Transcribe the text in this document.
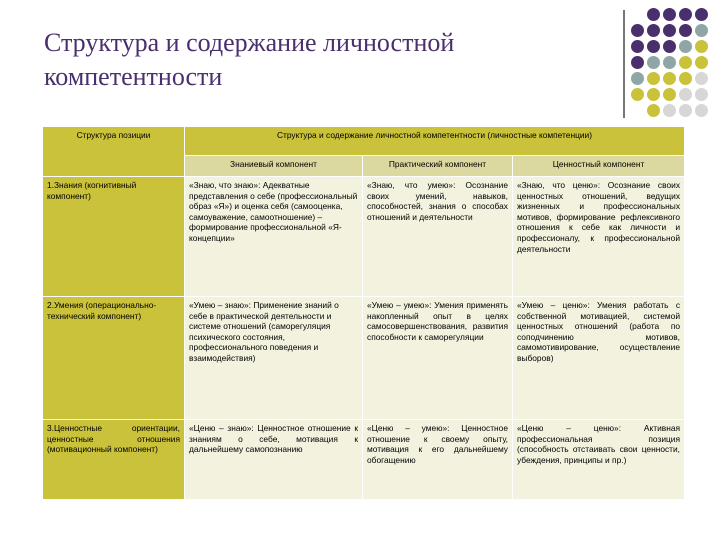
Структура и содержание личностной компетентности
Структура позиции	Структура и содержание личностной компетентности (личностные компетенции)		
	Знаниевый компонент	Практический компонент	Ценностный компонент
1.Знания (когнитивный компонент)	«Знаю, что знаю»: Адекватные представления о себе (профессиональный образ «Я») и оценка себя (самооценка, самоуважение, самоотношение) – формирование профессиональной «Я-концепции»	«Знаю, что умею»: Осознание своих умений, навыков, способностей, знания о способах отношений и деятельности	«Знаю, что ценю»: Осознание своих ценностных отношений, ведущих жизненных и профессиональных мотивов, формирование рефлексивного отношения к себе как личности и профессионалу, к профессиональной деятельности
2.Умения (операционально-технический компонент)	«Умею – знаю»: Применение знаний о себе в практической деятельности и системе отношений (саморегуляция психического состояния, профессионального поведения и взаимодействия)	«Умею – умею»: Умения применять накопленный опыт в целях самосовершенствования, развития способности к саморегуляции	«Умею – ценю»: Умения работать с собственной мотивацией, системой ценностных отношений (работа по соподчинению мотивов, самомотивирование, осуществление выборов)
3.Ценностные ориентации, ценностные отношения (мотивационный компонент)	«Ценю – знаю»: Ценностное отношение к знаниям о себе, мотивация к дальнейшему самопознанию	«Ценю – умею»: Ценностное отношение к своему опыту, мотивация к его дальнейшему обогащению	«Ценю – ценю»: Активная профессиональная позиция (способность отстаивать свои ценности, убеждения, принципы и пр.)
